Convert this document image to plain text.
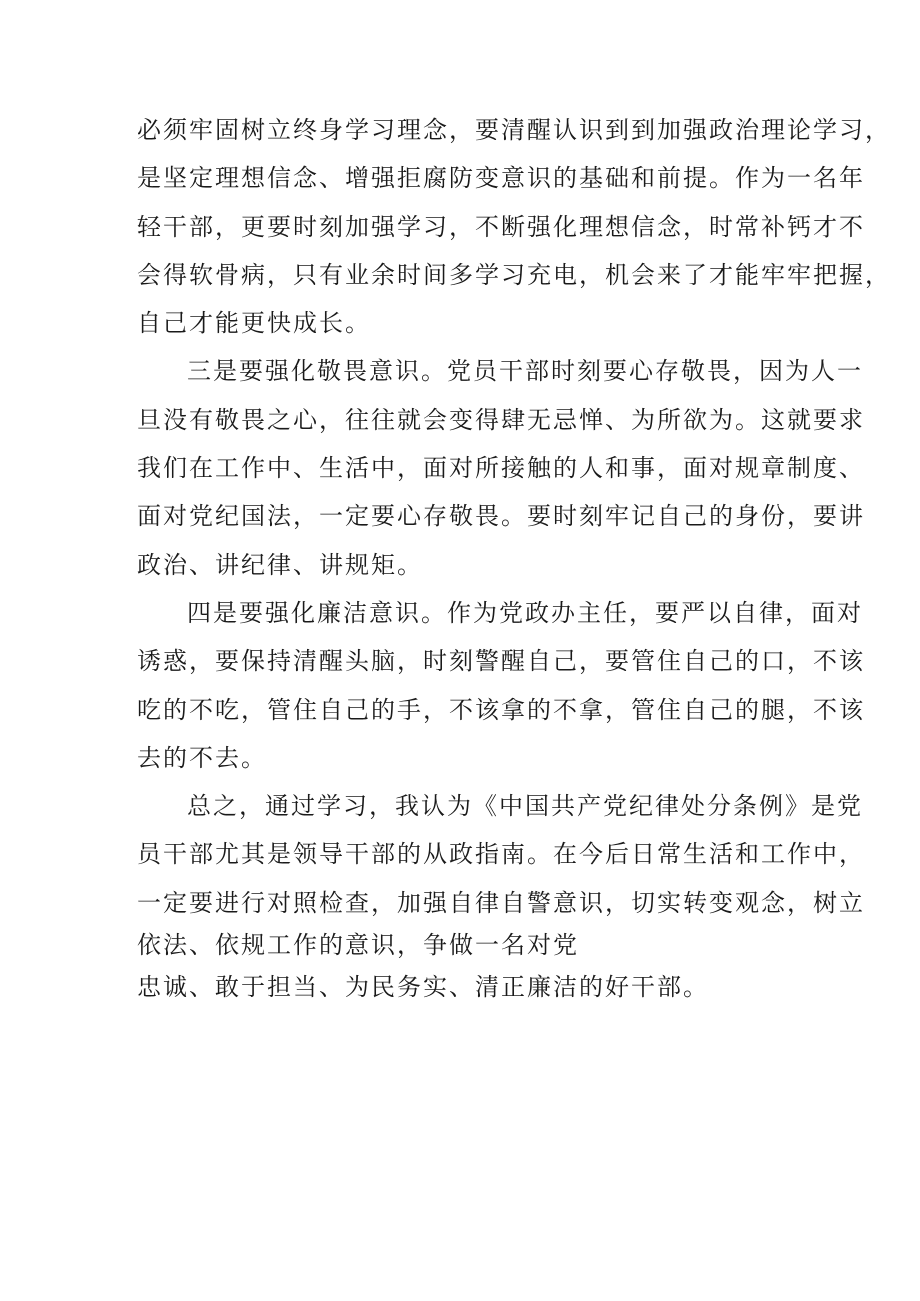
必须牢固树立终身学习理念，要清醒认识到到加强政治理论学习，
是坚定理想信念、增强拒腐防变意识的基础和前提。作为一名年
轻干部，更要时刻加强学习，不断强化理想信念，时常补钙才不
会得软骨病，只有业余时间多学习充电，机会来了才能牢牢把握，
自己才能更快成长。
三是要强化敬畏意识。党员干部时刻要心存敬畏，因为人一
旦没有敬畏之心，往往就会变得肆无忌惮、为所欲为。这就要求
我们在工作中、生活中，面对所接触的人和事，面对规章制度、
面对党纪国法，一定要心存敬畏。要时刻牢记自己的身份，要讲
政治、讲纪律、讲规矩。
四是要强化廉洁意识。作为党政办主任，要严以自律，面对
诱惑，要保持清醒头脑，时刻警醒自己，要管住自己的口，不该
吃的不吃，管住自己的手，不该拿的不拿，管住自己的腿，不该
去的不去。
总之，通过学习，我认为《中国共产党纪律处分条例》是党
员干部尤其是领导干部的从政指南。在今后日常生活和工作中，
一定要进行对照检查，加强自律自警意识，切实转变观念，树立
依法、依规工作的意识，争做一名对党
忠诚、敢于担当、为民务实、清正廉洁的好干部。
